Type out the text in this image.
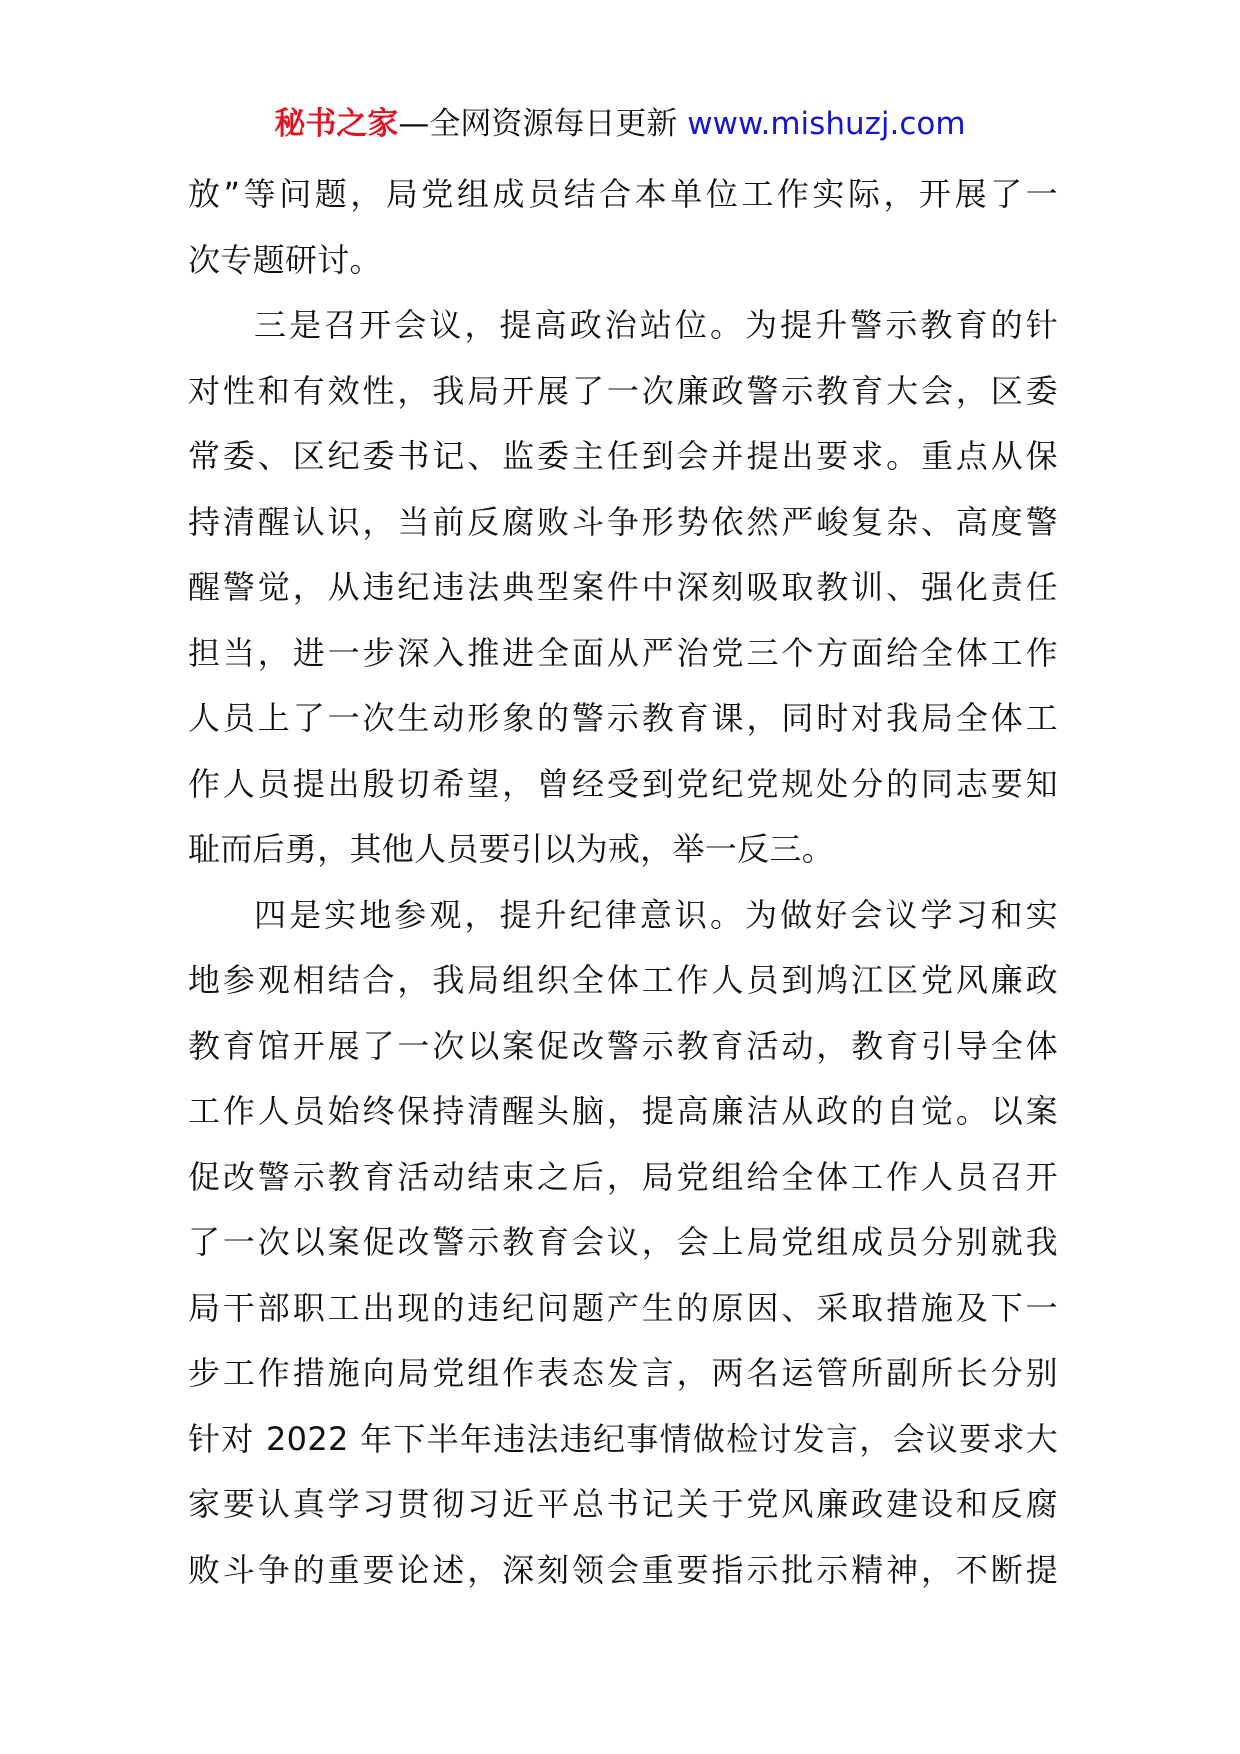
秘书之家—全网资源每日更新 www.mishuzj.com
放”等问题，局党组成员结合本单位工作实际，开展了一
次专题研讨。
三是召开会议，提高政治站位。为提升警示教育的针
对性和有效性，我局开展了一次廉政警示教育大会，区委
常委、区纪委书记、监委主任到会并提出要求。重点从保
持清醒认识，当前反腐败斗争形势依然严峻复杂、高度警
醒警觉，从违纪违法典型案件中深刻吸取教训、强化责任
担当，进一步深入推进全面从严治党三个方面给全体工作
人员上了一次生动形象的警示教育课，同时对我局全体工
作人员提出殷切希望，曾经受到党纪党规处分的同志要知
耻而后勇，其他人员要引以为戒，举一反三。
四是实地参观，提升纪律意识。为做好会议学习和实
地参观相结合，我局组织全体工作人员到鸠江区党风廉政
教育馆开展了一次以案促改警示教育活动，教育引导全体
工作人员始终保持清醒头脑，提高廉洁从政的自觉。以案
促改警示教育活动结束之后，局党组给全体工作人员召开
了一次以案促改警示教育会议，会上局党组成员分别就我
局干部职工出现的违纪问题产生的原因、采取措施及下一
步工作措施向局党组作表态发言，两名运管所副所长分别
针对 2022 年下半年违法违纪事情做检讨发言，会议要求大
家要认真学习贯彻习近平总书记关于党风廉政建设和反腐
败斗争的重要论述，深刻领会重要指示批示精神，不断提
